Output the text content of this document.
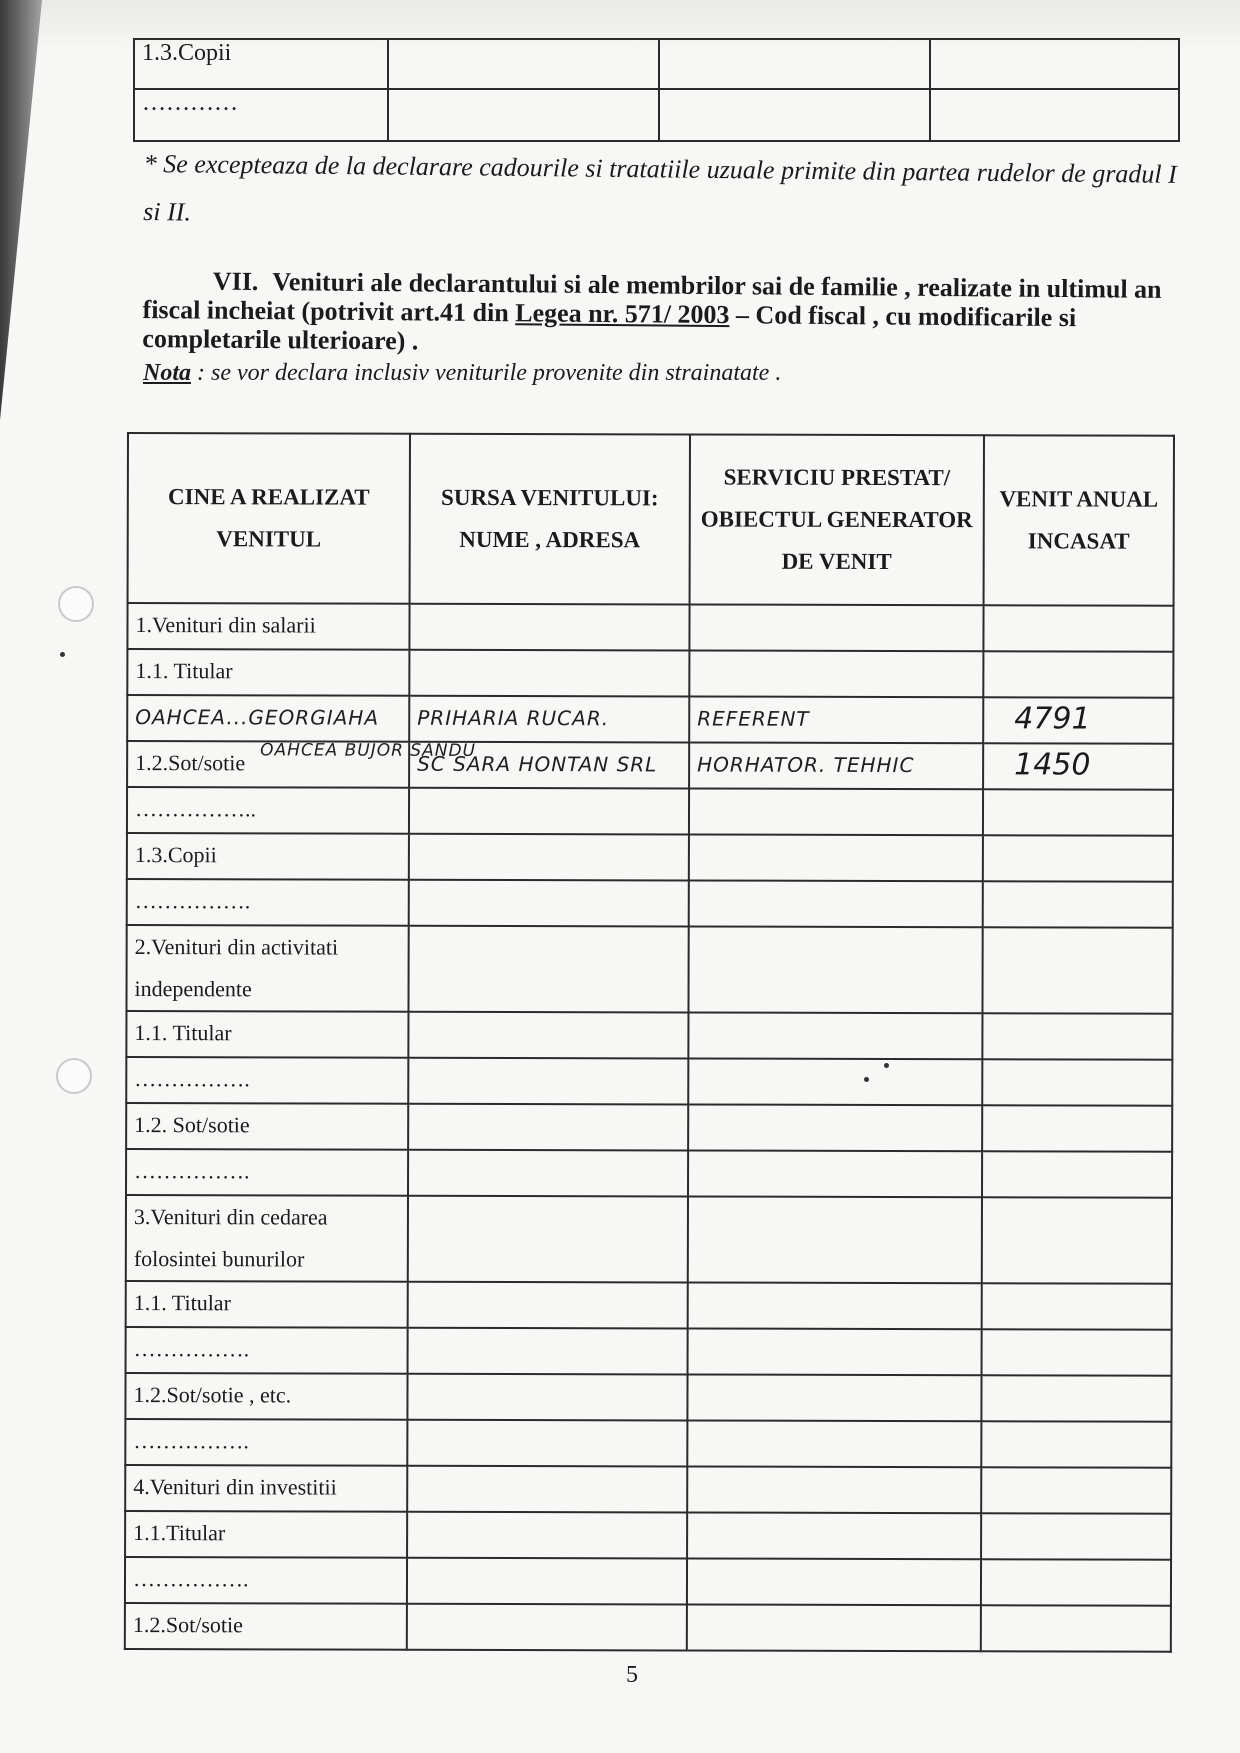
1.3.Copii			
…………			
* Se excepteaza de la declarare cadourile si tratatiile uzuale primite din partea rudelor de gradul I si II.
VII. Venituri ale declarantului si ale membrilor sai de familie , realizate in ultimul an fiscal incheiat (potrivit art.41 din Legea nr. 571/ 2003 – Cod fiscal , cu modificarile si completarile ulterioare) .
Nota : se vor declara inclusiv veniturile provenite din strainatate .
CINE A REALIZAT VENITUL	SURSA VENITULUI: NUME , ADRESA	SERVICIU PRESTAT/ OBIECTUL GENERATOR DE VENIT	VENIT ANUAL INCASAT
1.Venituri din salarii			
1.1. Titular			
OAHCEA...GEORGIAHA	PRIHARIA RUCAR.	REFERENT	4791
1.2.Sot/sotie OAHCEA BUJOR SANDU	SC SARA HONTAN SRL	HORHATOR. TEHHIC	1450
……………..			
1.3.Copii			
…………….			
2.Venituri din activitati independente			
1.1. Titular			
…………….			
1.2. Sot/sotie			
…………….			
3.Venituri din cedarea folosintei bunurilor			
1.1. Titular			
…………….			
1.2.Sot/sotie , etc.			
…………….			
4.Venituri din investitii			
1.1.Titular			
…………….			
1.2.Sot/sotie			
5
